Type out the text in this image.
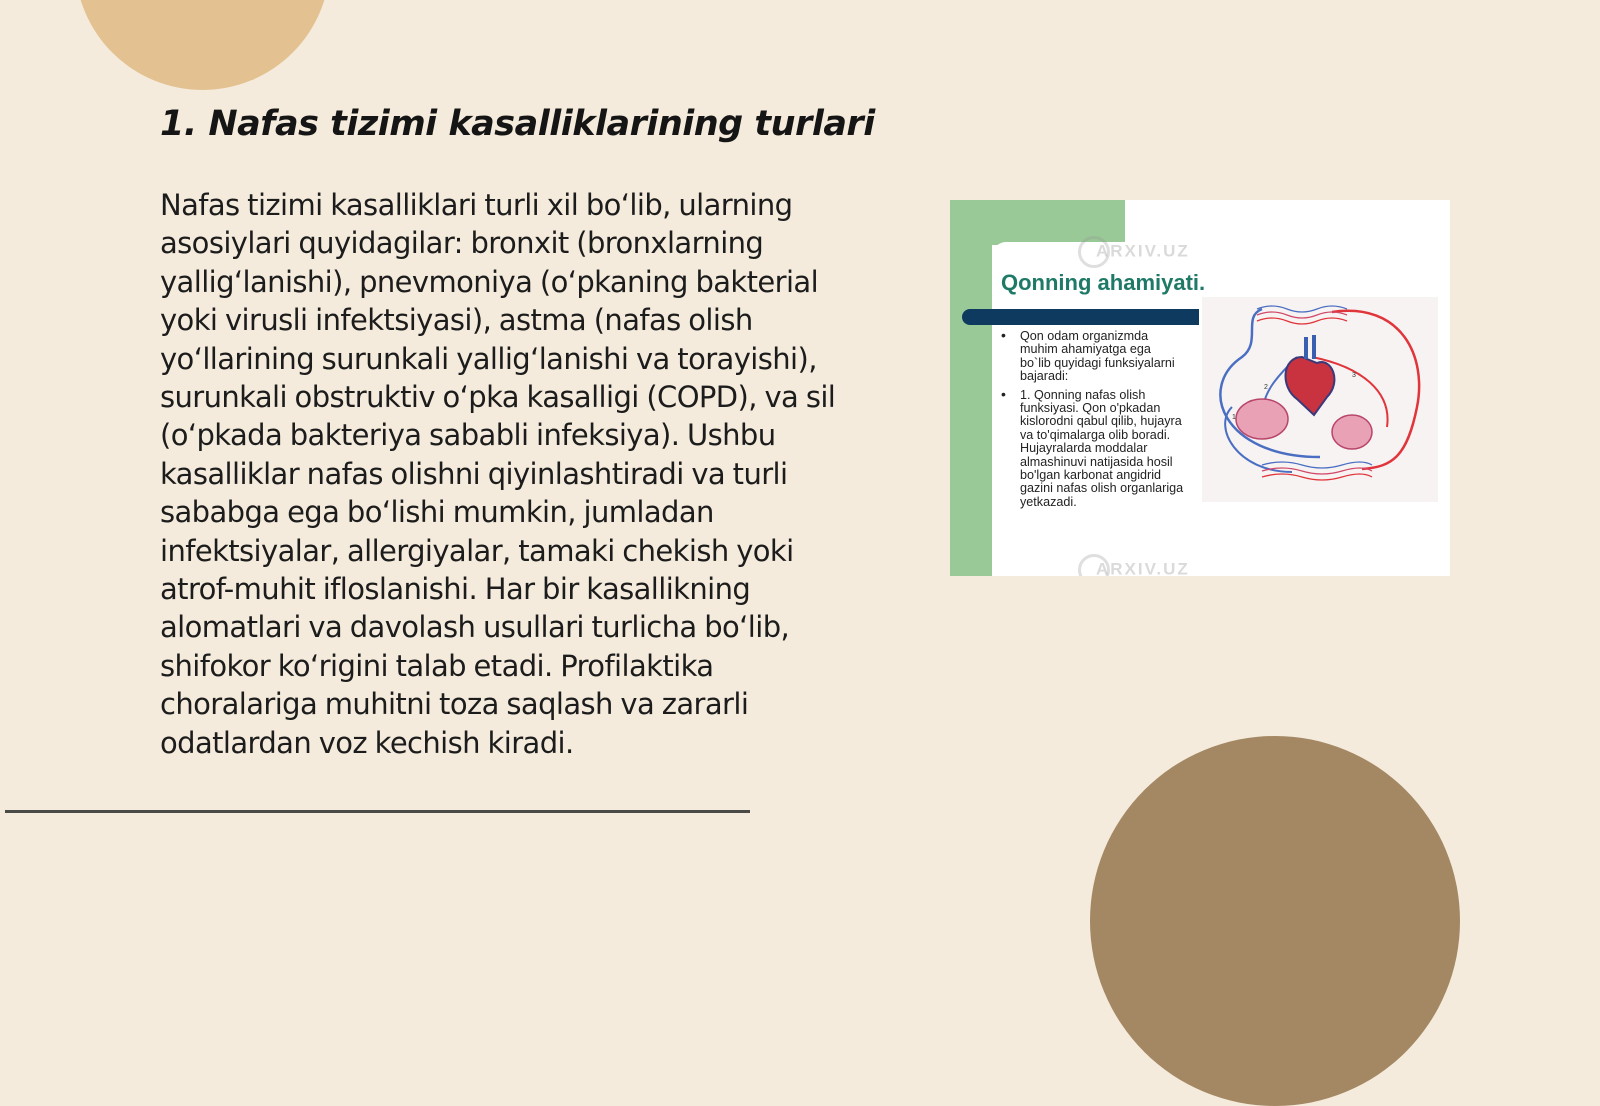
1. Nafas tizimi kasalliklarining turlari

Nafas tizimi kasalliklari turli xil bo‘lib, ularning asosiylari quyidagilar: bronxit (bronxlarning yallig‘lanishi), pnevmoniya (o‘pkaning bakterial yoki virusli infektsiyasi), astma (nafas olish yo‘llarining surunkali yallig‘lanishi va torayishi), surunkali obstruktiv o‘pka kasalligi (COPD), va sil (o‘pkada bakteriya sababli infeksiya). Ushbu kasalliklar nafas olishni qiyinlashtiradi va turli sababga ega bo‘lishi mumkin, jumladan infektsiyalar, allergiyalar, tamaki chekish yoki atrof-muhit ifloslanishi. Har bir kasallikning alomatlari va davolash usullari turlicha bo‘lib, shifokor ko‘rigini talab etadi. Profilaktika choralariga muhitni toza saqlash va zararli odatlardan voz kechish kiradi.

ARXIV.UZ
ARXIV.UZ
Qonning ahamiyati.
• Qon odam organizmda muhim ahamiyatga ega bo`lib quyidagi funksiyalarni bajaradi:
• 1. Qonning nafas olish funksiyasi. Qon o'pkadan kislorodni qabul qilib, hujayra va to'qimalarga olib boradi. Hujayralarda moddalar almashinuvi natijasida hosil bo'lgan karbonat angidrid gazini nafas olish organlariga yetkazadi.
3
2
1
